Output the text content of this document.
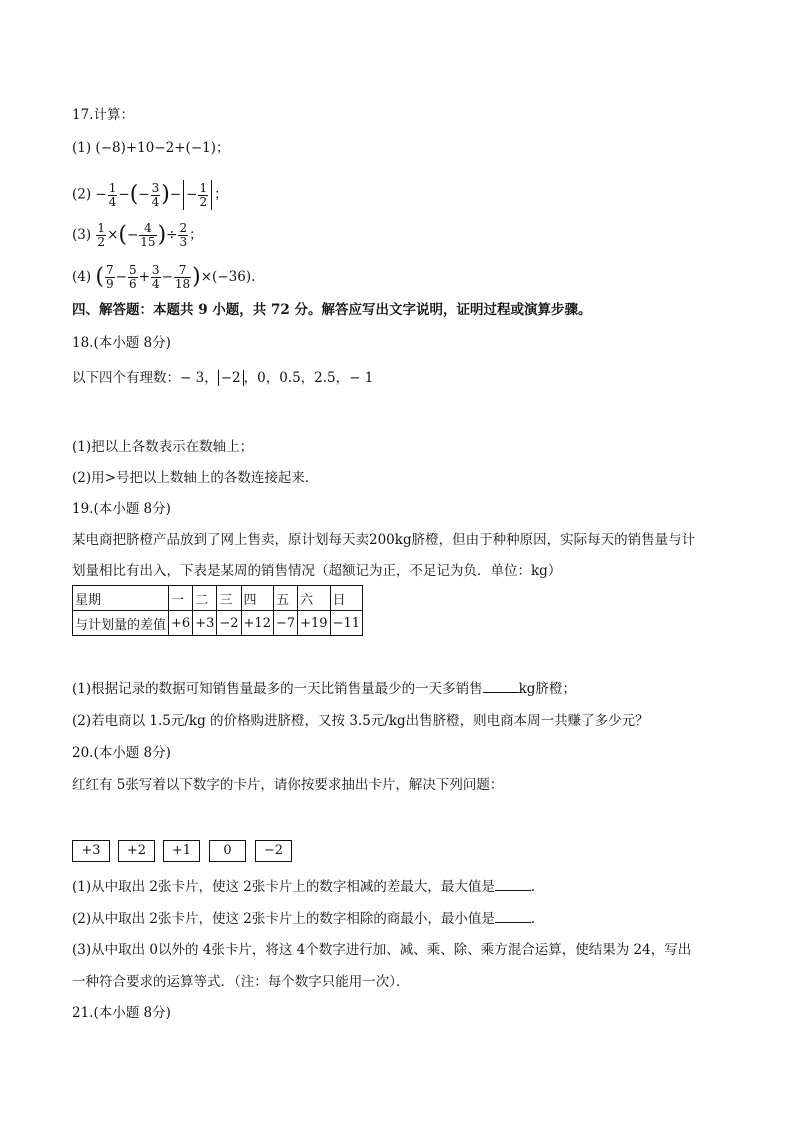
17.计算：
(1) (−8)+10−2+(−1)；
$(2) - \frac{1}{4}$ −(− $\frac{3}{4}$ )− − $\frac{1}{2}$ ；
$(3) \frac{1}{2}$ ×(− $\frac{4}{15}$ )÷ $\frac{2}{3}$ ；
(4) ( $\frac{7}{9} - \frac{5}{6} + \frac{3}{4} - \frac{7}{18} )\times(-36)$.
四、解答题：本题共 9 小题，共 72 分。解答应写出文字说明，证明过程或演算步骤。
18.(本小题 8分)
以下四个有理数：− 3， −2 ，0，0.5，2.5，− 1
(1)把以上各数表示在数轴上；
(2)用>号把以上数轴上的各数连接起来．
19.(本小题 8分)
某电商把脐橙产品放到了网上售卖，原计划每天卖200kg脐橙，但由于种种原因，实际每天的销售量与计
划量相比有出入，下表是某周的销售情况（超额记为正，不足记为负．单位：kg）
星期	一	二	三	四	五	六	日
与计划量的差值	+6	+3	−2	+12	−7	+19	−11
(1)根据记录的数据可知销售量最多的一天比销售量最少的一天多销售	kg脐橙；
(2)若电商以 1.5元/kg 的价格购进脐橙，又按 3.5元/kg出售脐橙，则电商本周一共赚了多少元？
20.(本小题 8分)
红红有 5张写着以下数字的卡片，请你按要求抽出卡片，解决下列问题：
+3	+2	+1	0	−2
(1)从中取出 2张卡片，使这 2张卡片上的数字相减的差最大，最大值是	．
(2)从中取出 2张卡片，使这 2张卡片上的数字相除的商最小，最小值是	．
(3)从中取出 0以外的 4张卡片，将这 4个数字进行加、减、乘、除、乘方混合运算，使结果为 24，写出
一种符合要求的运算等式．（注：每个数字只能用一次）．
21.(本小题 8分)
